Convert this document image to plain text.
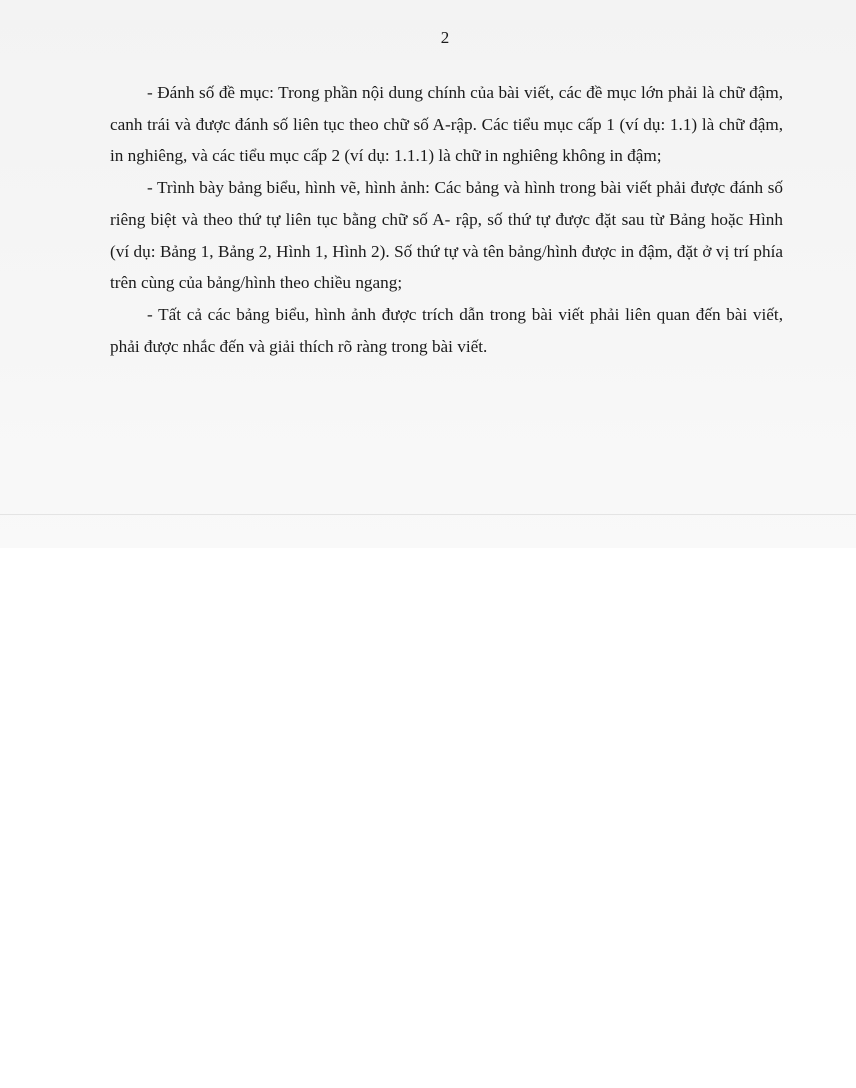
2

- Đánh số đề mục: Trong phần nội dung chính của bài viết, các đề mục lớn phải là chữ đậm, canh trái và được đánh số liên tục theo chữ số A-rập. Các tiểu mục cấp 1 (ví dụ: 1.1) là chữ đậm, in nghiêng, và các tiểu mục cấp 2 (ví dụ: 1.1.1) là chữ in nghiêng không in đậm;

- Trình bày bảng biểu, hình vẽ, hình ảnh: Các bảng và hình trong bài viết phải được đánh số riêng biệt và theo thứ tự liên tục bằng chữ số A- rập, số thứ tự được đặt sau từ Bảng hoặc Hình (ví dụ: Bảng 1, Bảng 2, Hình 1, Hình 2). Số thứ tự và tên bảng/hình được in đậm, đặt ở vị trí phía trên cùng của bảng/hình theo chiều ngang;

- Tất cả các bảng biểu, hình ảnh được trích dẫn trong bài viết phải liên quan đến bài viết, phải được nhắc đến và giải thích rõ ràng trong bài viết.
